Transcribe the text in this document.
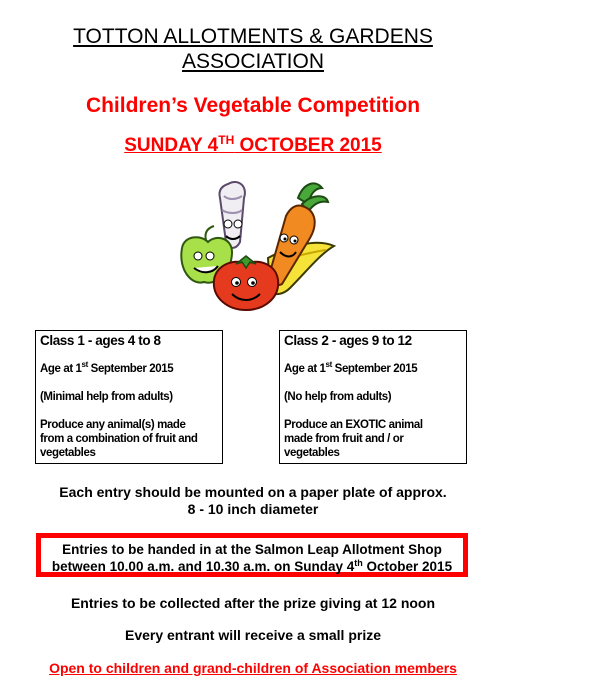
TOTTON ALLOTMENTS & GARDENS
ASSOCIATION
Children’s Vegetable Competition
SUNDAY 4TH OCTOBER 2015
Class 1 - ages 4 to 8

Age at 1st September 2015

(Minimal help from adults)

Produce any animal(s) made
from a combination of fruit and
vegetables

Class 2 - ages 9 to 12

Age at 1st September 2015

(No help from adults)

Produce an EXOTIC animal
made from fruit and / or
vegetables

Each entry should be mounted on a paper plate of approx.
8 - 10 inch diameter
Entries to be handed in at the Salmon Leap Allotment Shop
between 10.00 a.m. and 10.30 a.m. on Sunday 4th October 2015
Entries to be collected after the prize giving at 12 noon
Every entrant will receive a small prize
Open to children and grand-children of Association members
